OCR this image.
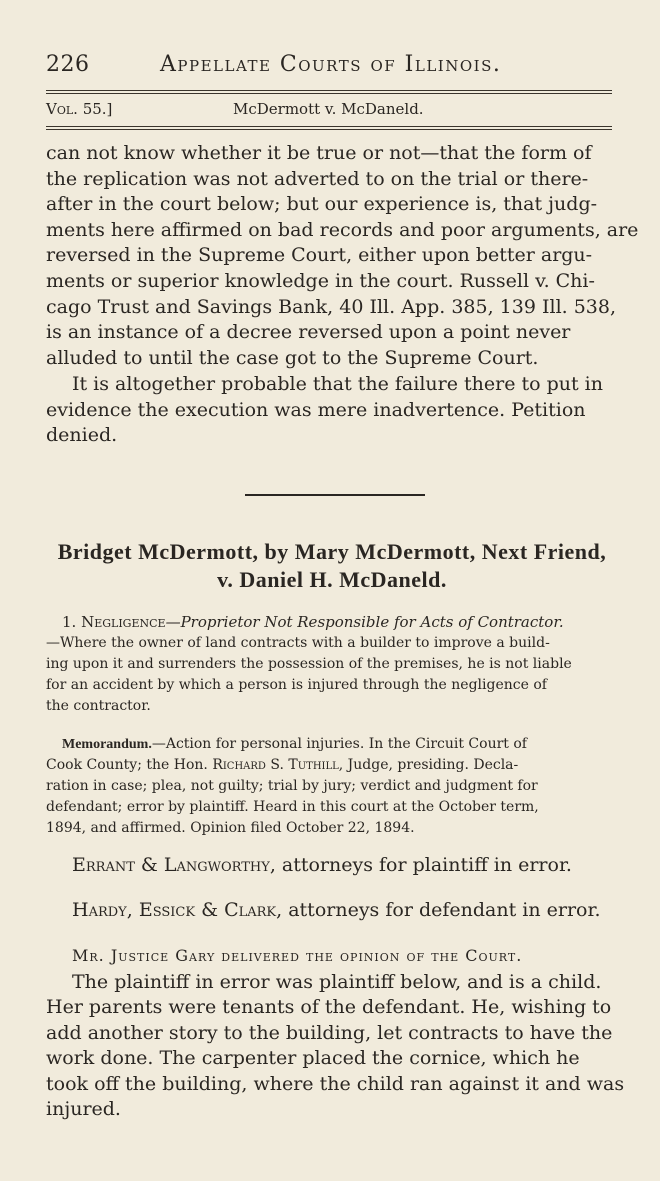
226	Appellate Courts of Illinois.
Vol. 55.]	McDermott v. McDaneld.

can not know whether it be true or not—that the form of
the replication was not adverted to on the trial or there-
after in the court below; but our experience is, that judg-
ments here affirmed on bad records and poor arguments, are
reversed in the Supreme Court, either upon better argu-
ments or superior knowledge in the court. Russell v. Chi-
cago Trust and Savings Bank, 40 Ill. App. 385, 139 Ill. 538,
is an instance of a decree reversed upon a point never
alluded to until the case got to the Supreme Court.

It is altogether probable that the failure there to put in
evidence the execution was mere inadvertence. Petition
denied.

Bridget McDermott, by Mary McDermott, Next Friend,
v. Daniel H. McDaneld.

1. Negligence—Proprietor Not Responsible for Acts of Contractor.
—Where the owner of land contracts with a builder to improve a build-
ing upon it and surrenders the possession of the premises, he is not liable
for an accident by which a person is injured through the negligence of
the contractor.

Memorandum.—Action for personal injuries. In the Circuit Court of
Cook County; the Hon. Richard S. Tuthill, Judge, presiding. Decla-
ration in case; plea, not guilty; trial by jury; verdict and judgment for
defendant; error by plaintiff. Heard in this court at the October term,
1894, and affirmed. Opinion filed October 22, 1894.

Errant & Langworthy, attorneys for plaintiff in error.
Hardy, Essick & Clark, attorneys for defendant in error.
Mr. Justice Gary delivered the opinion of the Court.

The plaintiff in error was plaintiff below, and is a child.
Her parents were tenants of the defendant. He, wishing to
add another story to the building, let contracts to have the
work done. The carpenter placed the cornice, which he
took off the building, where the child ran against it and was
injured.
